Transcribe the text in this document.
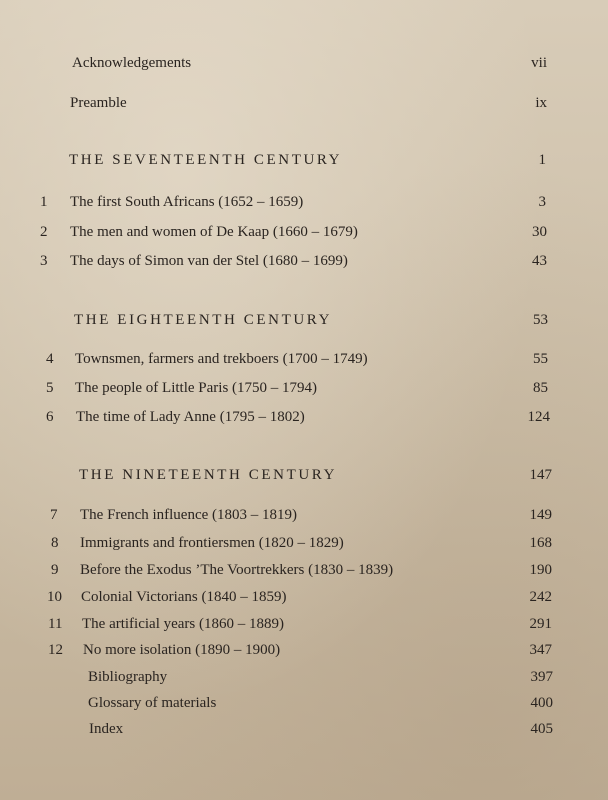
Acknowledgements	vii
Preamble	ix
THE SEVENTEENTH CENTURY	1
1 The first South Africans (1652 – 1659)	3
2 The men and women of De Kaap (1660 – 1679)	30
3 The days of Simon van der Stel (1680 – 1699)	43
THE EIGHTEENTH CENTURY	53
4 Townsmen, farmers and trekboers (1700 – 1749)	55
5 The people of Little Paris (1750 – 1794)	85
6 The time of Lady Anne (1795 – 1802)	124
THE NINETEENTH CENTURY	147
7 The French influence (1803 – 1819)	149
8 Immigrants and frontiersmen (1820 – 1829)	168
9 Before the Exodus ’The Voortrekkers (1830 – 1839)	190
10 Colonial Victorians (1840 – 1859)	242
11 The artificial years (1860 – 1889)	291
12 No more isolation (1890 – 1900)	347
Bibliography	397
Glossary of materials	400
Index	405
